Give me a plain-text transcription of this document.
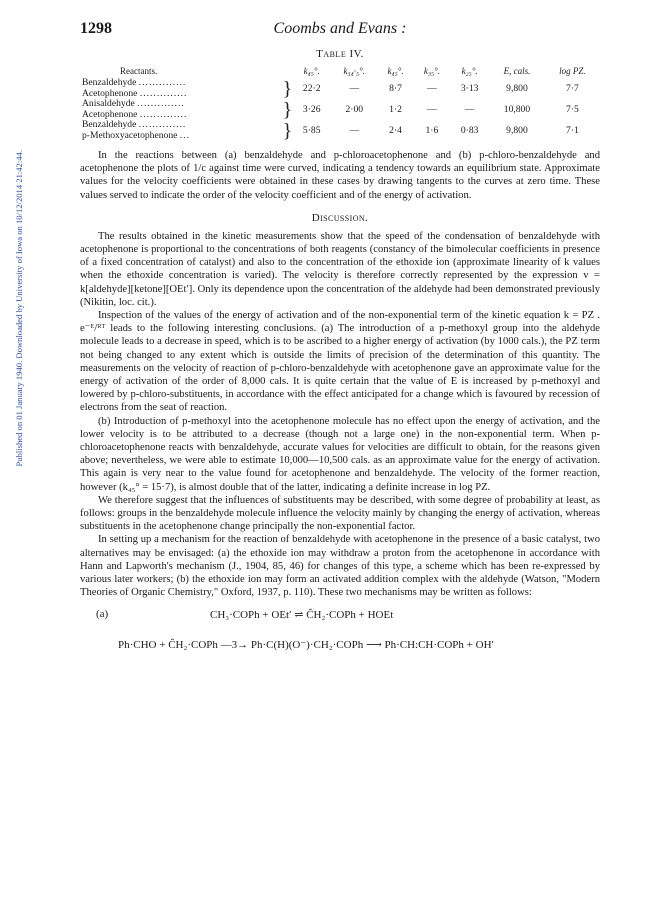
Published on 01 January 1940. Downloaded by University of Iowa on 10/12/2014 21:42:44.
1298	Coombs and Evans :
Table IV.
Reactants.		k₄₅°.	k₃₄·₅°.	k₄₅°.	k₃₅°.	k₂₅°.	E, cals.	log PZ.

Benzaldehyde ..............
Acetophenone ..............	}	22·2	—	8·7	—	3·13	9,800	7·7

Anisaldehyde ..............
Acetophenone ..............	}	3·26	2·00	1·2	—	—	10,800	7·5

Benzaldehyde ..............
p-Methoxyacetophenone ...	}	5·85	—	2·4	1·6	0·83	9,800	7·1

In the reactions between (a) benzaldehyde and p-chloroacetophenone and (b) p-chloro-benzaldehyde and acetophenone the plots of 1/c against time were curved, indicating a tendency towards an equilibrium state. Approximate values for the velocity coefficients were obtained in these cases by drawing tangents to the curves at zero time. These values served to indicate the order of the velocity coefficient and of the energy of activation.

Discussion.

The results obtained in the kinetic measurements show that the speed of the condensation of benzaldehyde with acetophenone is proportional to the concentrations of both reagents (constancy of the bimolecular coefficients in presence of a fixed concentration of catalyst) and also to the concentration of the ethoxide ion (approximate linearity of k values when the ethoxide concentration is varied). The velocity is therefore correctly represented by the expression v = k[aldehyde][ketone][OEt′]. Only its dependence upon the concentration of the aldehyde had been demonstrated previously (Nikitin, loc. cit.).

Inspection of the values of the energy of activation and of the non-exponential term of the kinetic equation k = PZ . e⁻ᴱ/ᴿᵀ leads to the following interesting conclusions. (a) The introduction of a p-methoxyl group into the aldehyde molecule leads to a decrease in speed, which is to be ascribed to a higher energy of activation (by 1000 cals.), the PZ term not being changed to any extent which is outside the limits of precision of the determination of this quantity. The measurements on the velocity of reaction of p-chloro-benzaldehyde with acetophenone gave an approximate value for the energy of activation of the order of 8,000 cals. It is quite certain that the value of E is increased by p-methoxyl and lowered by p-chloro-substituents, in accordance with the effect anticipated for a change which is favoured by recession of electrons from the seat of reaction.

(b) Introduction of p-methoxyl into the acetophenone molecule has no effect upon the energy of activation, and the lower velocity is to be attributed to a decrease (though not a large one) in the non-exponential term. When p-chloroacetophenone reacts with benzaldehyde, accurate values for velocities are difficult to obtain, for the reasons given above; nevertheless, we were able to estimate 10,000—10,500 cals. as an approximate value for the energy of activation. This again is very near to the value found for acetophenone and benzaldehyde. The velocity of the former reaction, however (k₄₅° = 15·7), is almost double that of the latter, indicating a definite increase in log PZ.

We therefore suggest that the influences of substituents may be described, with some degree of probability at least, as follows: groups in the benzaldehyde molecule influence the velocity mainly by changing the energy of activation, whereas substituents in the acetophenone change principally the non-exponential factor.

In setting up a mechanism for the reaction of benzaldehyde with acetophenone in the presence of a basic catalyst, two alternatives may be envisaged: (a) the ethoxide ion may withdraw a proton from the acetophenone in accordance with Hann and Lapworth's mechanism (J., 1904, 85, 46) for changes of this type, a scheme which has been re-expressed by various later workers; (b) the ethoxide ion may form an activated addition complex with the aldehyde (Watson, "Modern Theories of Organic Chemistry," Oxford, 1937, p. 110). These two mechanisms may be written as follows:

(a)	CH₃·COPh + OEt′ ⇌ ĈH₂·COPh + HOEt
Ph·CHO + ĈH₂·COPh —3→ Ph·C(H)(O⁻)·CH₂·COPh ⟶ Ph·CH:CH·COPh + OH′
